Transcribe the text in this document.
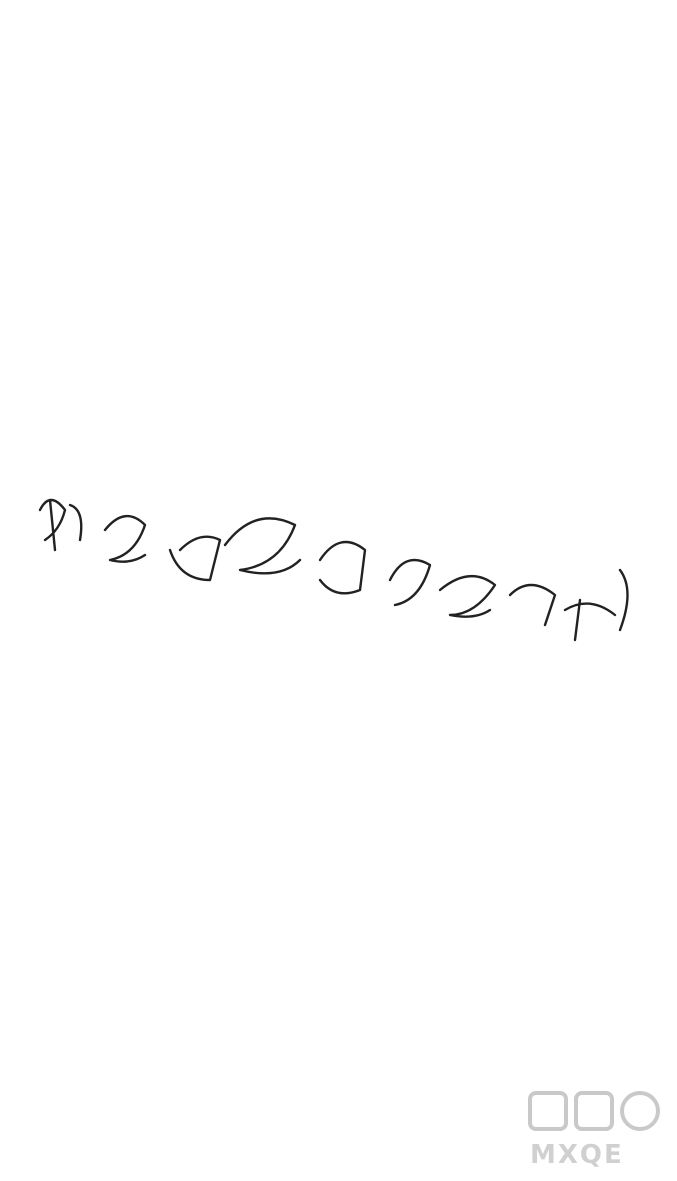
MXQE
